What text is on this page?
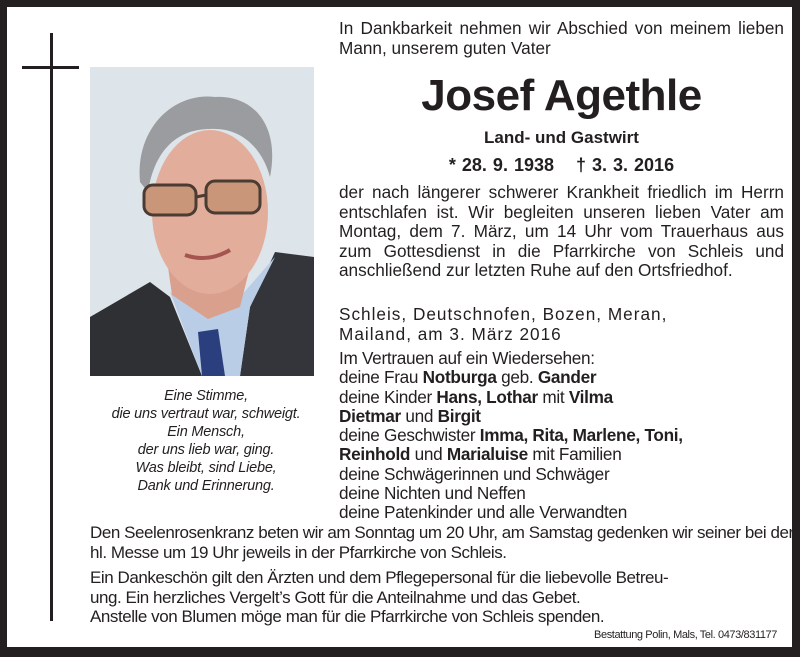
Eine Stimme,
die uns vertraut war, schweigt.
Ein Mensch,
der uns lieb war, ging.
Was bleibt, sind Liebe,
Dank und Erinnerung.
In Dankbarkeit nehmen wir Abschied von meinem lieben Mann, unserem guten Vater
Josef Agethle
Land- und Gastwirt
* 28. 9. 1938 † 3. 3. 2016
der nach längerer schwerer Krankheit friedlich im Herrn entschlafen ist. Wir begleiten unseren lieben Vater am Montag, dem 7. März, um 14 Uhr vom Trauerhaus aus zum Gottesdienst in die Pfarrkirche von Schleis und anschließend zur letzten Ruhe auf den Ortsfriedhof.
Schleis, Deutschnofen, Bozen, Meran,
Mailand, am 3. März 2016
Im Vertrauen auf ein Wiedersehen:
deine Frau Notburga geb. Gander
deine Kinder Hans, Lothar mit Vilma
Dietmar und Birgit
deine Geschwister Imma, Rita, Marlene, Toni,
Reinhold und Marialuise mit Familien
deine Schwägerinnen und Schwäger
deine Nichten und Neffen
deine Patenkinder und alle Verwandten
Den Seelenrosenkranz beten wir am Sonntag um 20 Uhr, am Samstag gedenken wir seiner bei der hl. Messe um 19 Uhr jeweils in der Pfarrkirche von Schleis.
Ein Dankeschön gilt den Ärzten und dem Pflegepersonal für die liebevolle Betreu-
ung. Ein herzliches Vergelt’s Gott für die Anteilnahme und das Gebet.
Anstelle von Blumen möge man für die Pfarrkirche von Schleis spenden.
Bestattung Polin, Mals, Tel. 0473/831177
